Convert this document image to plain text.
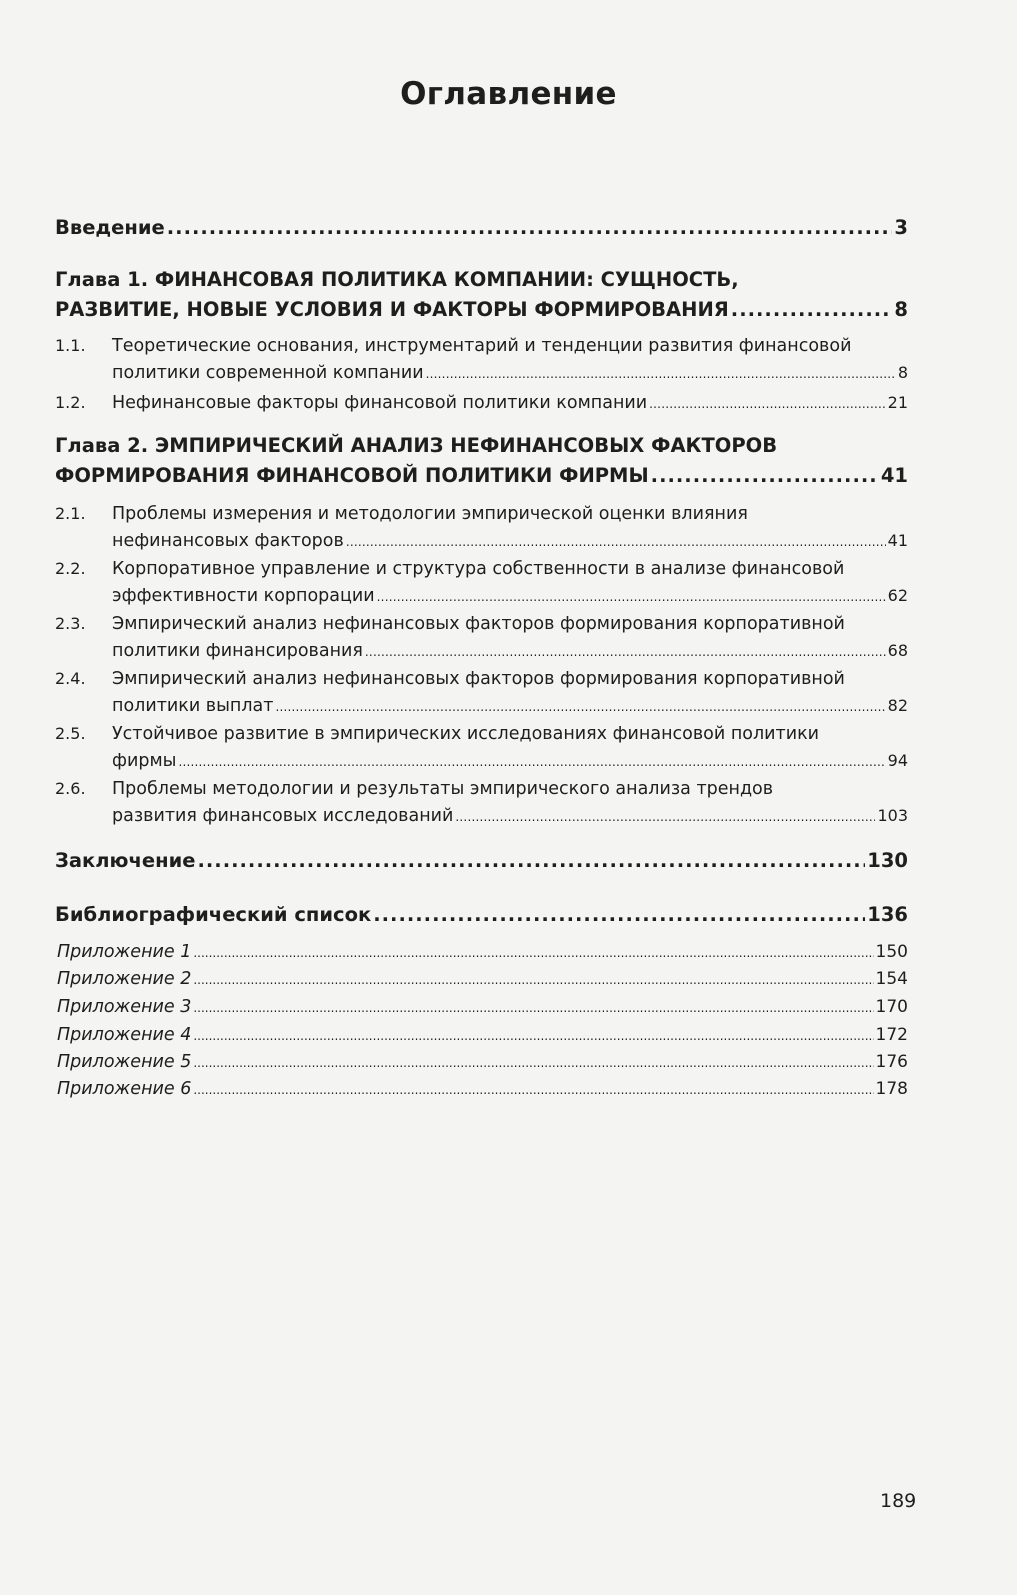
Оглавление
Введение .....	3
Глава 1. ФИНАНСОВАЯ ПОЛИТИКА КОМПАНИИ: СУЩНОСТЬ,
РАЗВИТИЕ, НОВЫЕ УСЛОВИЯ И ФАКТОРЫ ФОРМИРОВАНИЯ .....	8
1.1.	Теоретические основания, инструментарий и тенденции развития финансовой
политики современной компании .....	8
1.2.	Нефинансовые факторы финансовой политики компании .....	21
Глава 2. ЭМПИРИЧЕСКИЙ АНАЛИЗ НЕФИНАНСОВЫХ ФАКТОРОВ
ФОРМИРОВАНИЯ ФИНАНСОВОЙ ПОЛИТИКИ ФИРМЫ .....	41
2.1.	Проблемы измерения и методологии эмпирической оценки влияния
нефинансовых факторов .....	41
2.2.	Корпоративное управление и структура собственности в анализе финансовой
эффективности корпорации .....	62
2.3.	Эмпирический анализ нефинансовых факторов формирования корпоративной
политики финансирования .....	68
2.4.	Эмпирический анализ нефинансовых факторов формирования корпоративной
политики выплат .....	82
2.5.	Устойчивое развитие в эмпирических исследованиях финансовой политики
фирмы .....	94
2.6.	Проблемы методологии и результаты эмпирического анализа трендов
развития финансовых исследований .....	103
Заключение .....	130
Библиографический список .....	136
Приложение 1 .....	150
Приложение 2 .....	154
Приложение 3 .....	170
Приложение 4 .....	172
Приложение 5 .....	176
Приложение 6 .....	178
189
